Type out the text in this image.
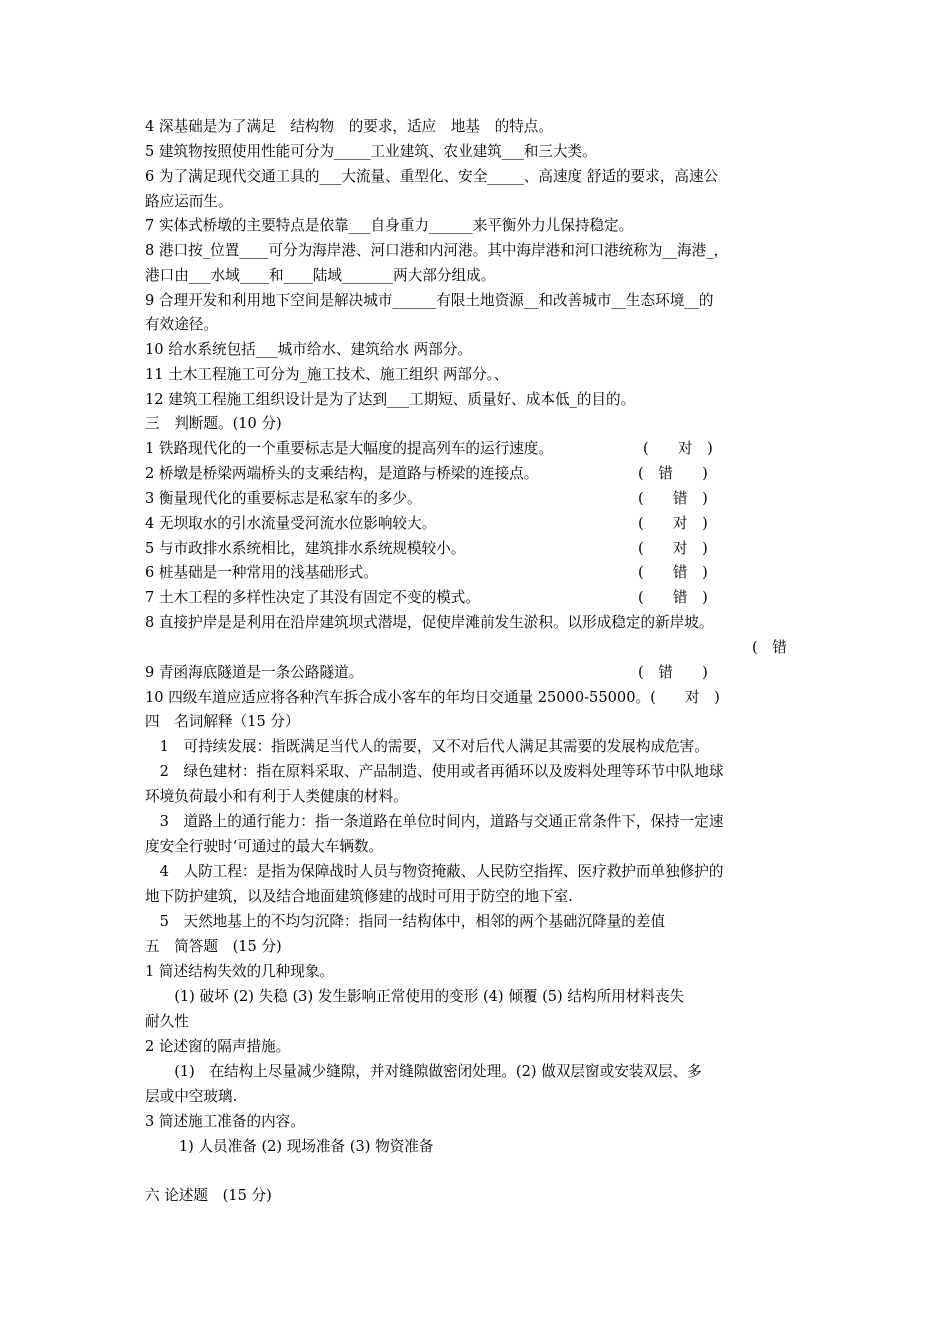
4 深基础是为了满足　结构物　的要求，适应　地基　的特点。
5 建筑物按照使用性能可分为_____工业建筑、农业建筑___和三大类。
6 为了满足现代交通工具的___大流量、重型化、安全_____、高速度 舒适的要求，高速公
路应运而生。
7 实体式桥墩的主要特点是依靠___自身重力______来平衡外力儿保持稳定。
8 港口按_位置____可分为海岸港、河口港和内河港。其中海岸港和河口港统称为__海港_，
港口由___水域____和____陆域_______两大部分组成。
9 合理开发和利用地下空间是解决城市______有限土地资源__和改善城市__生态环境__的
有效途径。
10 给水系统包括___城市给水、建筑给水 两部分。
11 土木工程施工可分为_施工技术、施工组织 两部分。、
12 建筑工程施工组织设计是为了达到___工期短、质量好、成本低_的目的。
三　判断题。(10 分)
1 铁路现代化的一个重要标志是大幅度的提高列车的运行速度。	(　　对　)
2 桥墩是桥梁两端桥头的支乘结构，是道路与桥梁的连接点。	(　错　　)
3 衡量现代化的重要标志是私家车的多少。	(　　错　)
4 无坝取水的引水流量受河流水位影响较大。	(　　对　)
5 与市政排水系统相比，建筑排水系统规模较小。	(　　对　)
6 桩基础是一种常用的浅基础形式。	(　　错　)
7 土木工程的多样性决定了其没有固定不变的模式。	(　　错　)
8 直接护岸是是利用在沿岸建筑坝式潜堤，促使岸滩前发生淤积。以形成稳定的新岸坡。
(　错
9 青函海底隧道是一条公路隧道。	(　错　　)
10 四级车道应适应将各种汽车拆合成小客车的年均日交通量 25000-55000。(　　对　)
四　名词解释（15 分）
　1　可持续发展：指既满足当代人的需要，又不对后代人满足其需要的发展构成危害。
　2　绿色建材：指在原料采取、产品制造、使用或者再循环以及废料处理等环节中队地球
环境负荷最小和有利于人类健康的材料。
　3　道路上的通行能力：指一条道路在单位时间内，道路与交通正常条件下，保持一定速
度安全行驶时‘可通过的最大车辆数。
　4　人防工程：是指为保障战时人员与物资掩蔽、人民防空指挥、医疗救护而单独修护的
地下防护建筑，以及结合地面建筑修建的战时可用于防空的地下室.
　5　天然地基上的不均匀沉降：指同一结构体中，相邻的两个基础沉降量的差值
五　简答题　(15 分)
1 简述结构失效的几种现象。
　　(1) 破坏 (2) 失稳 (3) 发生影响正常使用的变形 (4) 倾覆 (5) 结构所用材料丧失
耐久性
2 论述窗的隔声措施。
　　(1)　在结构上尽量减少缝隙，并对缝隙做密闭处理。(2) 做双层窗或安装双层、多
层或中空玻璃.
3 简述施工准备的内容。
　　 1) 人员准备 (2) 现场准备 (3) 物资准备
六 论述题　(15 分)
